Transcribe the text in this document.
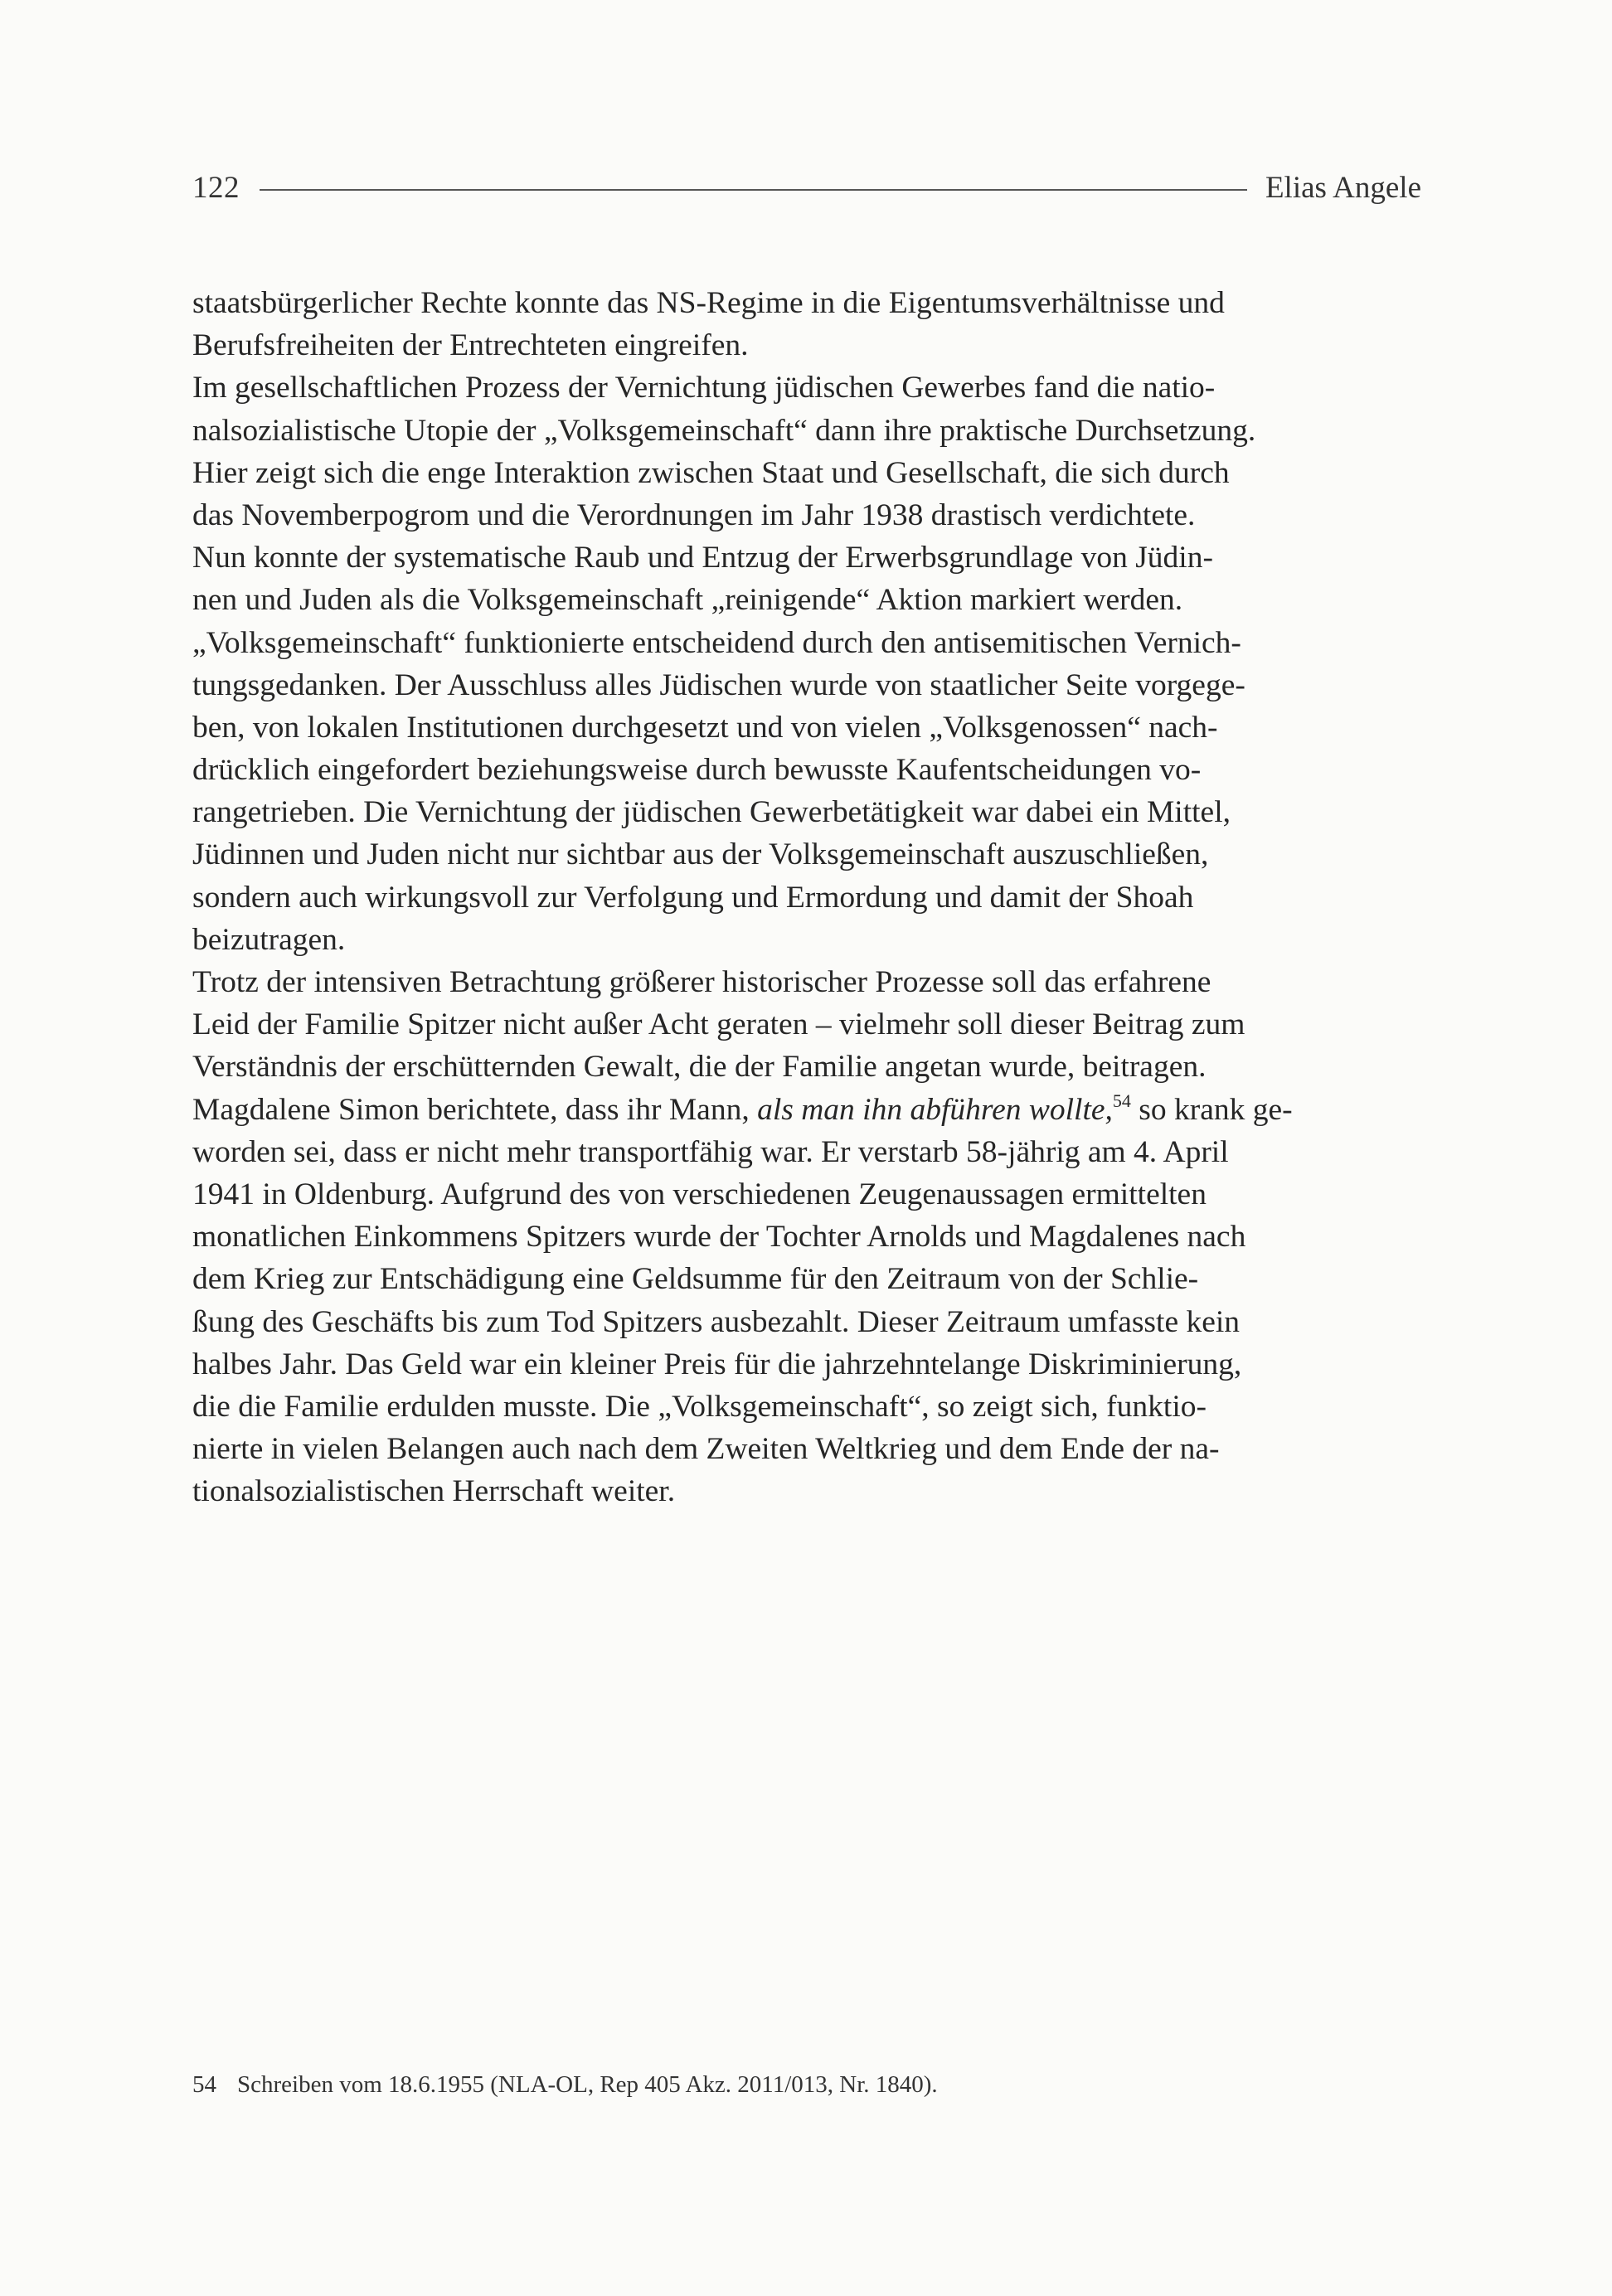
122	Elias Angele
staatsbürgerlicher Rechte konnte das NS-Regime in die Eigentumsverhältnisse und
Berufsfreiheiten der Entrechteten eingreifen.
Im gesellschaftlichen Prozess der Vernichtung jüdischen Gewerbes fand die natio-
nalsozialistische Utopie der „Volksgemeinschaft“ dann ihre praktische Durchsetzung.
Hier zeigt sich die enge Interaktion zwischen Staat und Gesellschaft, die sich durch
das Novemberpogrom und die Verordnungen im Jahr 1938 drastisch verdichtete.
Nun konnte der systematische Raub und Entzug der Erwerbsgrundlage von Jüdin-
nen und Juden als die Volksgemeinschaft „reinigende“ Aktion markiert werden.
„Volksgemeinschaft“ funktionierte entscheidend durch den antisemitischen Vernich-
tungsgedanken. Der Ausschluss alles Jüdischen wurde von staatlicher Seite vorgege-
ben, von lokalen Institutionen durchgesetzt und von vielen „Volksgenossen“ nach-
drücklich eingefordert beziehungsweise durch bewusste Kaufentscheidungen vo-
rangetrieben. Die Vernichtung der jüdischen Gewerbetätigkeit war dabei ein Mittel,
Jüdinnen und Juden nicht nur sichtbar aus der Volksgemeinschaft auszuschließen,
sondern auch wirkungsvoll zur Verfolgung und Ermordung und damit der Shoah
beizutragen.
Trotz der intensiven Betrachtung größerer historischer Prozesse soll das erfahrene
Leid der Familie Spitzer nicht außer Acht geraten – vielmehr soll dieser Beitrag zum
Verständnis der erschütternden Gewalt, die der Familie angetan wurde, beitragen.
Magdalene Simon berichtete, dass ihr Mann, als man ihn abführen wollte,$^{54}$ so krank ge-
worden sei, dass er nicht mehr transportfähig war. Er verstarb 58-jährig am 4. April
1941 in Oldenburg. Aufgrund des von verschiedenen Zeugenaussagen ermittelten
monatlichen Einkommens Spitzers wurde der Tochter Arnolds und Magdalenes nach
dem Krieg zur Entschädigung eine Geldsumme für den Zeitraum von der Schlie-
ßung des Geschäfts bis zum Tod Spitzers ausbezahlt. Dieser Zeitraum umfasste kein
halbes Jahr. Das Geld war ein kleiner Preis für die jahrzehntelange Diskriminierung,
die die Familie erdulden musste. Die „Volksgemeinschaft“, so zeigt sich, funktio-
nierte in vielen Belangen auch nach dem Zweiten Weltkrieg und dem Ende der na-
tionalsozialistischen Herrschaft weiter.
54 Schreiben vom 18.6.1955 (NLA-OL, Rep 405 Akz. 2011/013, Nr. 1840).
